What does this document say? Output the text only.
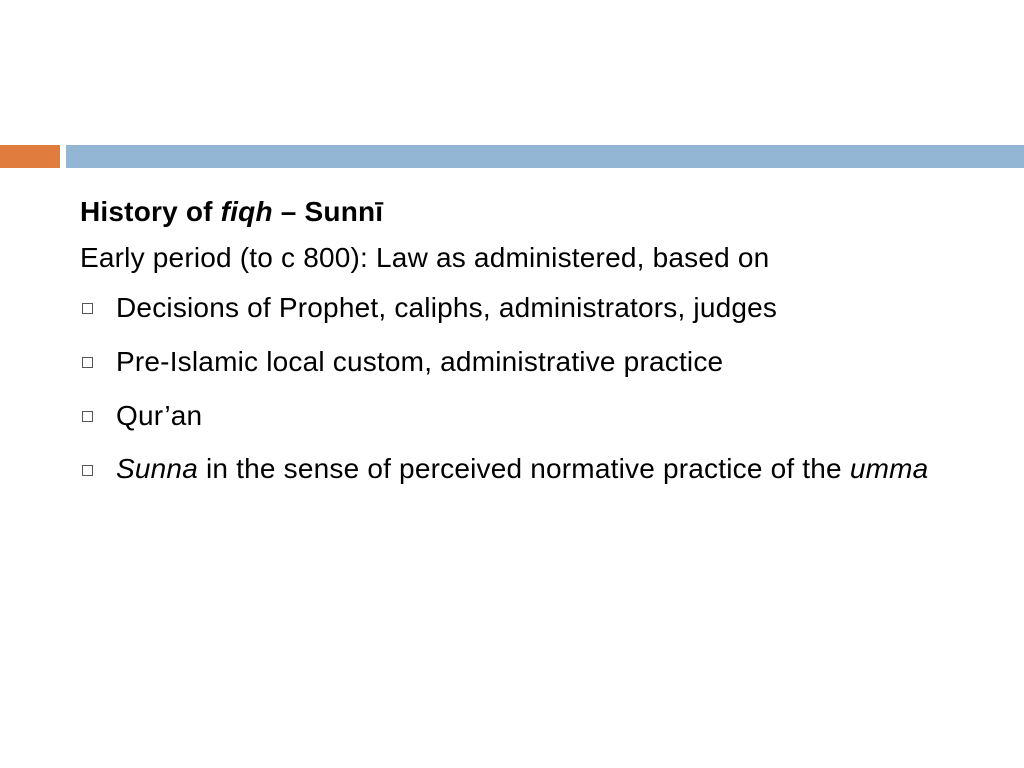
History of fiqh – Sunnī
Early period (to c 800): Law as administered, based on
Decisions of Prophet, caliphs, administrators, judges
Pre-Islamic local custom, administrative practice
Qur’an
Sunna in the sense of perceived normative practice of the umma
